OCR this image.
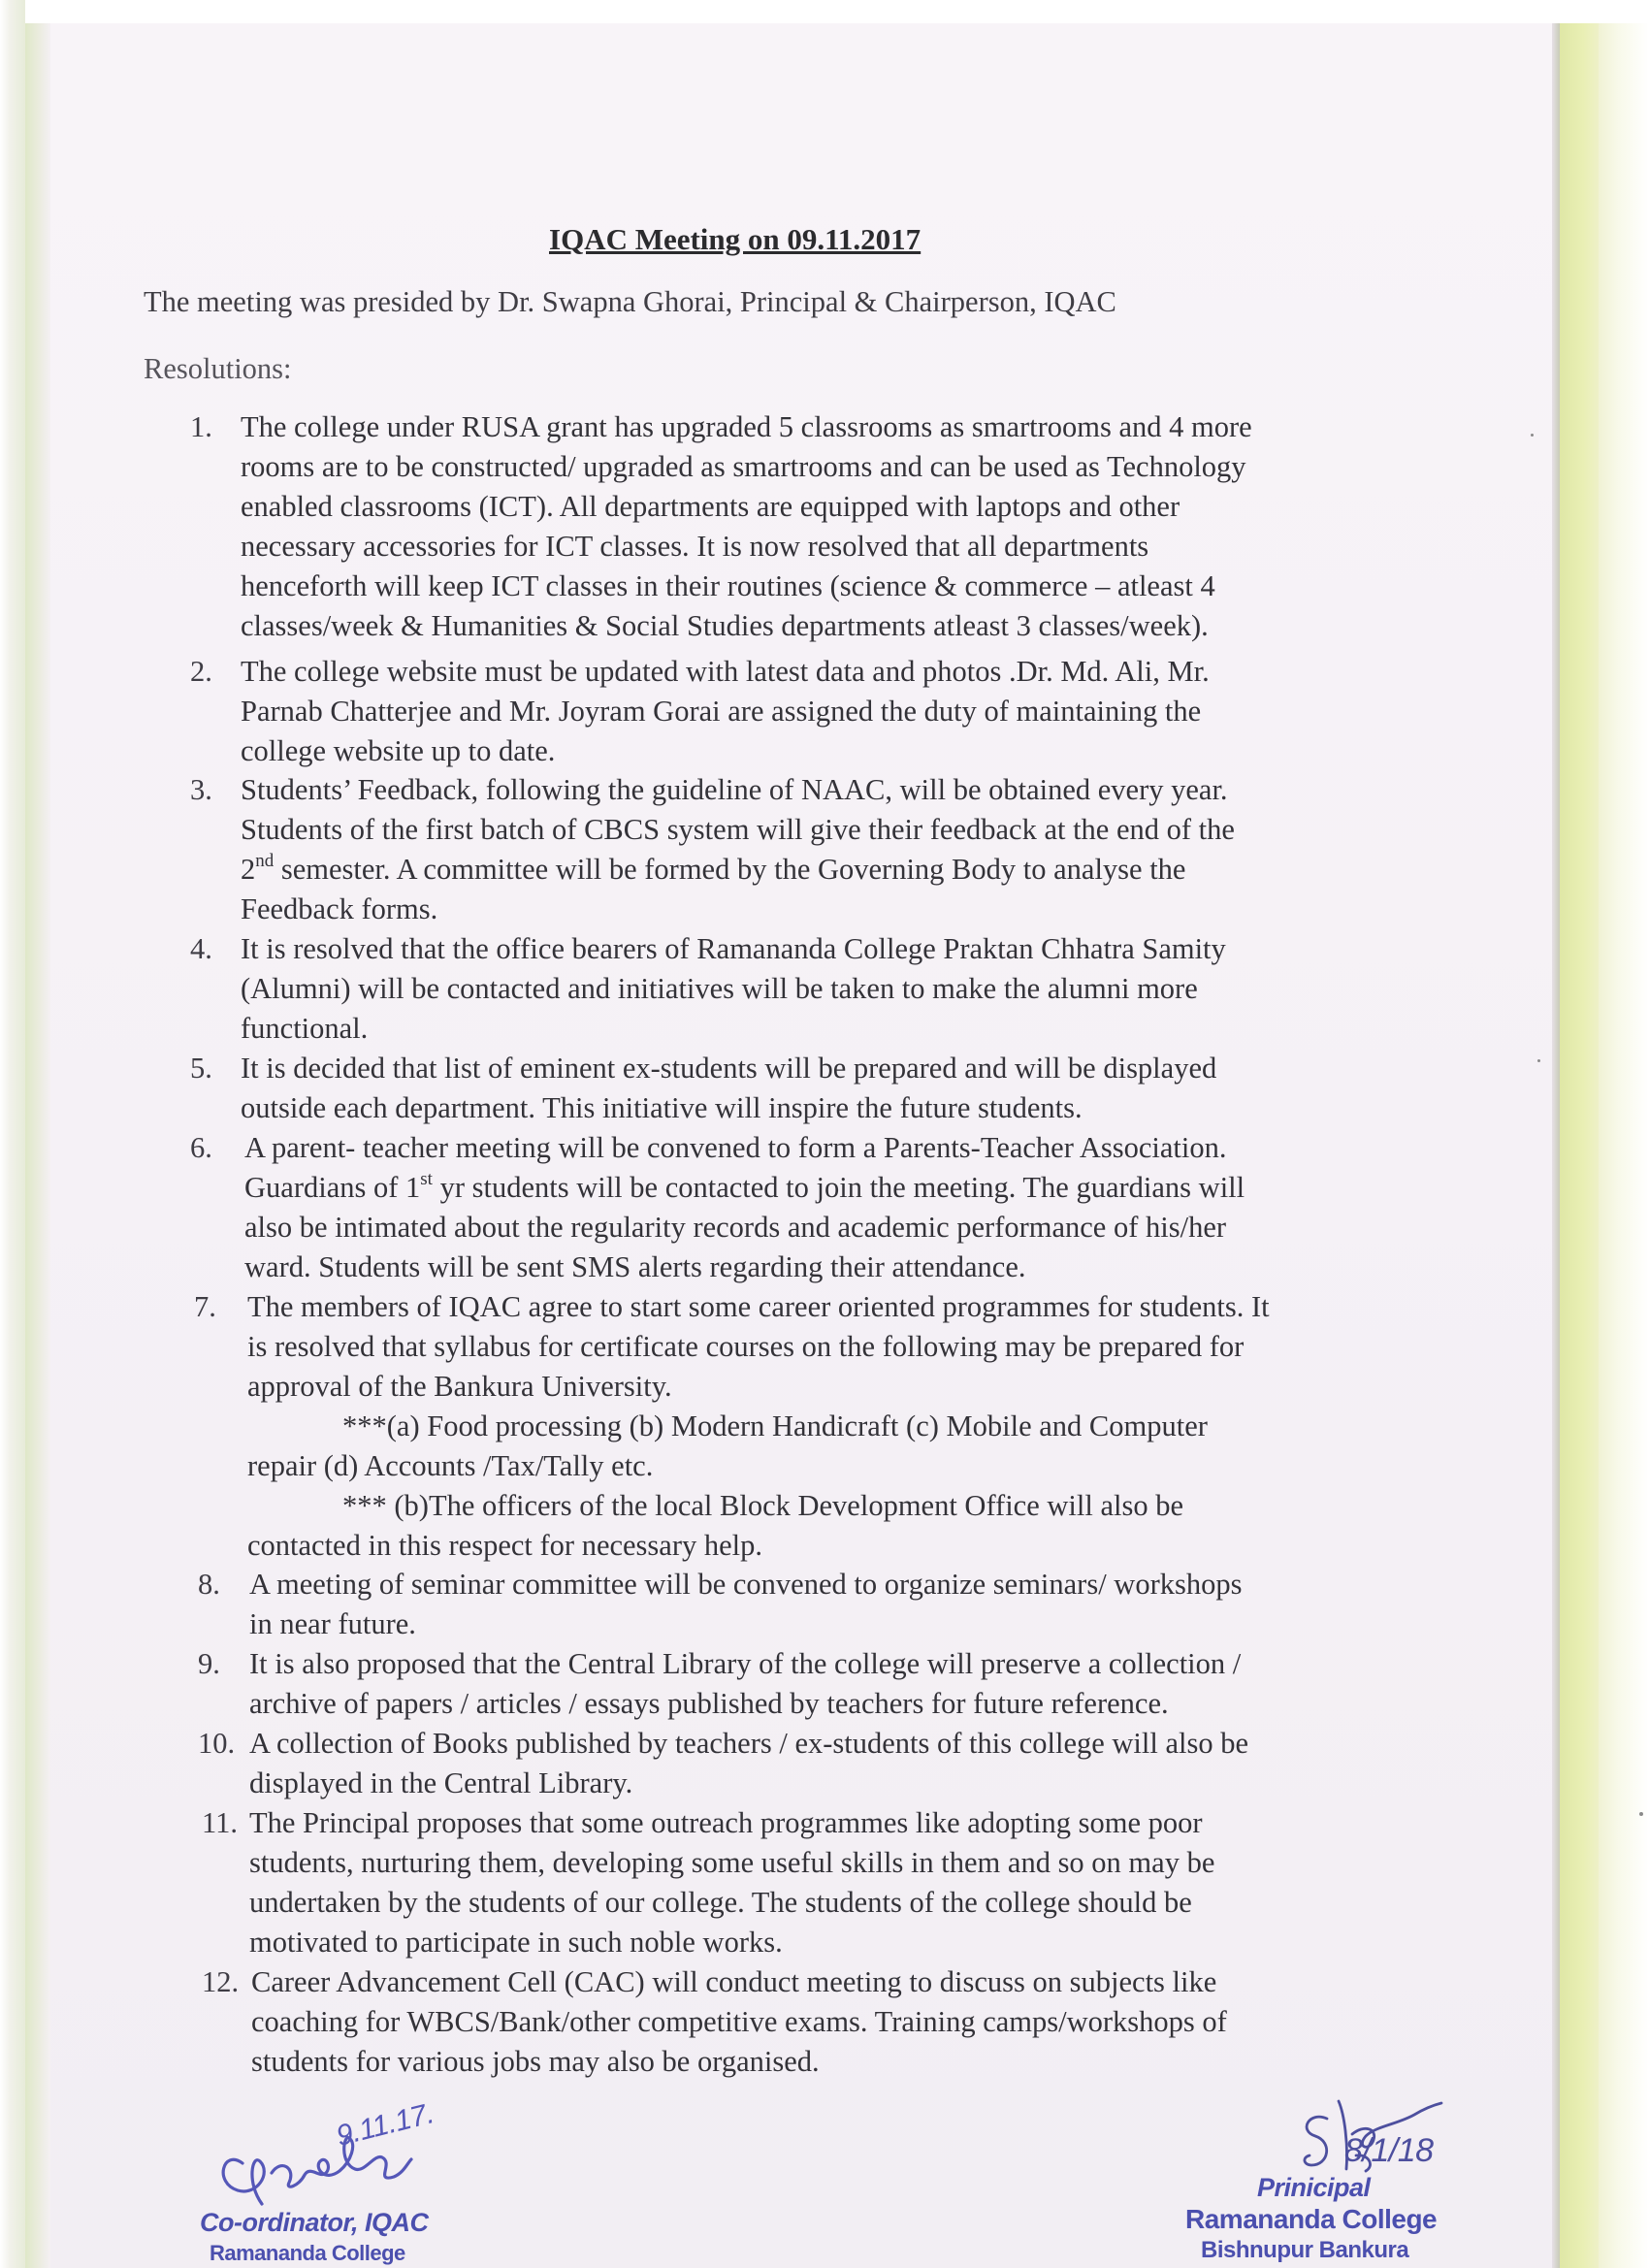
IQAC Meeting on 09.11.2017
The meeting was presided by Dr. Swapna Ghorai, Principal & Chairperson, IQAC
Resolutions:
1. The college under RUSA grant has upgraded 5 classrooms as smartrooms and 4 more
rooms are to be constructed/ upgraded as smartrooms and can be used as Technology
enabled classrooms (ICT). All departments are equipped with laptops and other
necessary accessories for ICT classes. It is now resolved that all departments
henceforth will keep ICT classes in their routines (science & commerce – atleast 4
classes/week & Humanities & Social Studies departments atleast 3 classes/week).
2. The college website must be updated with latest data and photos .Dr. Md. Ali, Mr.
Parnab Chatterjee and Mr. Joyram Gorai are assigned the duty of maintaining the
college website up to date.
3. Students’ Feedback, following the guideline of NAAC, will be obtained every year.
Students of the first batch of CBCS system will give their feedback at the end of the
2nd semester. A committee will be formed by the Governing Body to analyse the
Feedback forms.
4. It is resolved that the office bearers of Ramananda College Praktan Chhatra Samity
(Alumni) will be contacted and initiatives will be taken to make the alumni more
functional.
5. It is decided that list of eminent ex-students will be prepared and will be displayed
outside each department. This initiative will inspire the future students.
6. A parent- teacher meeting will be convened to form a Parents-Teacher Association.
Guardians of 1st yr students will be contacted to join the meeting. The guardians will
also be intimated about the regularity records and academic performance of his/her
ward. Students will be sent SMS alerts regarding their attendance.
7. The members of IQAC agree to start some career oriented programmes for students. It
is resolved that syllabus for certificate courses on the following may be prepared for
approval of the Bankura University.
***(a) Food processing (b) Modern Handicraft (c) Mobile and Computer
repair (d) Accounts /Tax/Tally etc.
*** (b)The officers of the local Block Development Office will also be
contacted in this respect for necessary help.
8. A meeting of seminar committee will be convened to organize seminars/ workshops
in near future.
9. It is also proposed that the Central Library of the college will preserve a collection /
archive of papers / articles / essays published by teachers for future reference.
10. A collection of Books published by teachers / ex-students of this college will also be
displayed in the Central Library.
11. The Principal proposes that some outreach programmes like adopting some poor
students, nurturing them, developing some useful skills in them and so on may be
undertaken by the students of our college. The students of the college should be
motivated to participate in such noble works.
12. Career Advancement Cell (CAC) will conduct meeting to discuss on subjects like
coaching for WBCS/Bank/other competitive exams. Training camps/workshops of
students for various jobs may also be organised.
9.11.17.
Co-ordinator, IQAC
Ramananda College
8/1/18
Prinicipal
Ramananda College
Bishnupur Bankura
